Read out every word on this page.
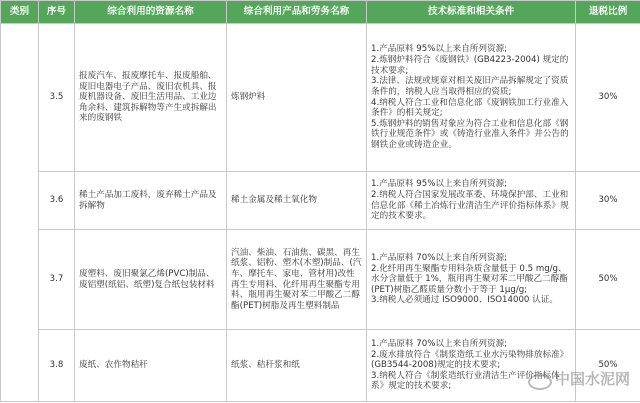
类别	序号	综合利用的资源名称	综合利用产品和劳务名称	技术标准和相关条件	退税比例
	3.5	报废汽车、报废摩托车、报废船舶、废旧电器电子产品、废旧农机具、报废机器设备、废旧生活用品、工业边角余料、建筑拆解物等产生或拆解出来的废钢铁	炼钢炉料	1.产品原料 95%以上来自所列资源;
2.炼钢炉料符合《废钢铁》(GB4223-2004) 规定的技术要求;
3.法律、法规或规章对相关废旧产品拆解规定了资质条件的，纳税人应当取得相应的资质;
4.纳税人符合工业和信息化部《废钢铁加工行业准入条件》的相关规定;
5.炼钢炉料的销售对象应为符合工业和信息化部《钢铁行业规范条件》或《铸造行业准入条件》并公告的钢铁企业或铸造企业。	30%
	3.6	稀土产品加工废料，废弃稀土产品及拆解物	稀土金属及稀土氧化物	1.产品原料 95%以上来自所列资源;
2.纳税人符合国家发展改革委、环境保护部、工业和信息化部《稀土冶炼行业清洁生产评价指标体系》规定的技术要求。	30%
	3.7	废塑料、废旧聚氯乙烯(PVC)制品、废铝塑(纸铝、纸塑)复合纸包装材料	汽油、柴油、石油焦、碳黑、再生纸浆、铝粉、塑木(木塑)制品、(汽车、摩托车、家电、管材用)改性再生专用料、化纤用再生聚酯专用料、瓶用再生聚对苯二甲酸乙二醇酯(PET)树脂及再生塑料制品	1.产品原料 70%以上来自所列资源;
2.化纤用再生聚酯专用料杂质含量低于 0.5 mg/g、水分含量低于 1%，瓶用再生聚对苯二甲酸乙二醇酯(PET)树脂乙醛质量分数小于等于 1μg/g;
3.纳税人必须通过 ISO9000、ISO14000 认证。	50%
	3.8	废纸、农作物秸秆	纸浆、秸秆浆和纸	1.产品原料 70%以上来自所列资源;
2.废水排放符合《制浆造纸工业水污染物排放标准》(GB3544-2008)规定的技术要求;
3.纳税人符合《制浆造纸行业清洁生产评价指标体系》规定的技术要求;	50%
中国水泥网
